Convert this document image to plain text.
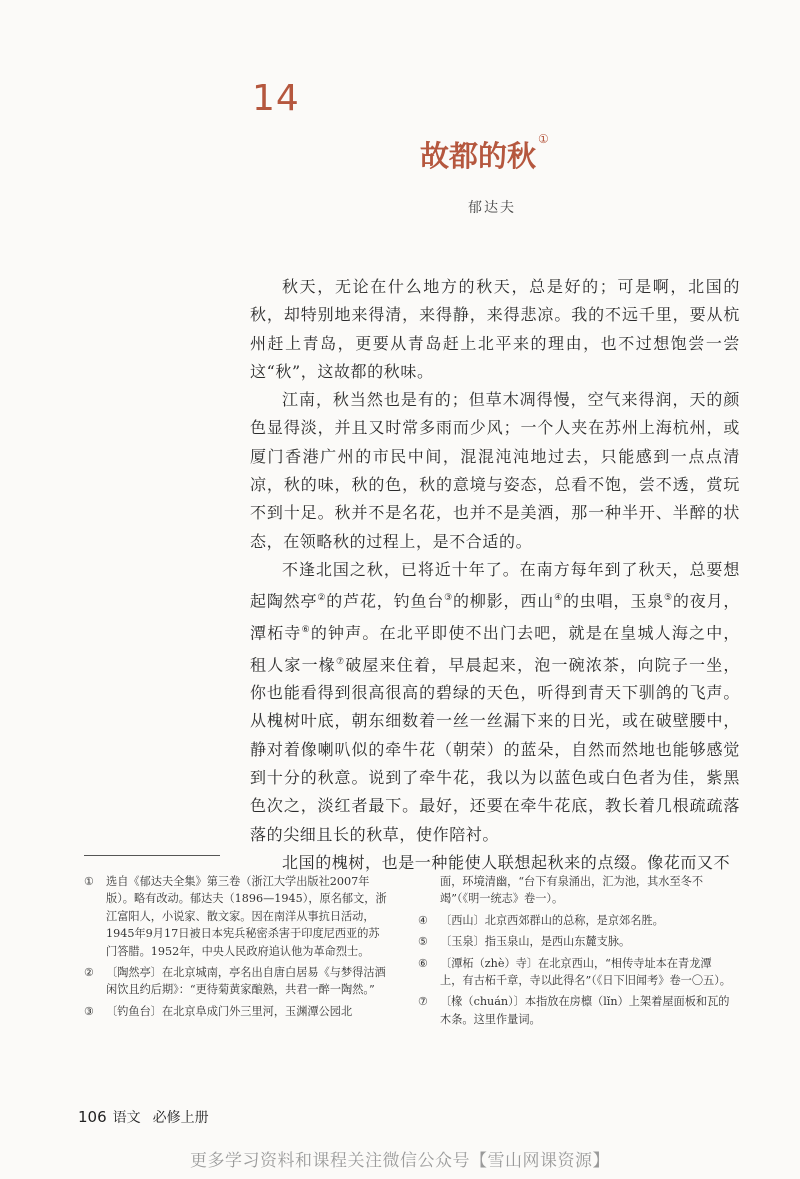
14
故都的秋 ①
郁达夫

秋天，无论在什么地方的秋天，总是好的；可是啊，北国的秋，却特别地来得清，来得静，来得悲凉。我的不远千里，要从杭州赶上青岛，更要从青岛赶上北平来的理由，也不过想饱尝一尝这“秋”，这故都的秋味。

江南，秋当然也是有的；但草木凋得慢，空气来得润，天的颜色显得淡，并且又时常多雨而少风；一个人夹在苏州上海杭州，或厦门香港广州的市民中间，混混沌沌地过去，只能感到一点点清凉，秋的味，秋的色，秋的意境与姿态，总看不饱，尝不透，赏玩不到十足。秋并不是名花，也并不是美酒，那一种半开、半醉的状态，在领略秋的过程上，是不合适的。

不逢北国之秋，已将近十年了。在南方每年到了秋天，总要想起陶然亭②的芦花，钓鱼台③的柳影，西山④的虫唱，玉泉⑤的夜月，潭柘寺⑥的钟声。在北平即使不出门去吧，就是在皇城人海之中，租人家一椽⑦破屋来住着，早晨起来，泡一碗浓茶，向院子一坐，你也能看得到很高很高的碧绿的天色，听得到青天下驯鸽的飞声。从槐树叶底，朝东细数着一丝一丝漏下来的日光，或在破壁腰中，静对着像喇叭似的牵牛花（朝荣）的蓝朵，自然而然地也能够感觉到十分的秋意。说到了牵牛花，我以为以蓝色或白色者为佳，紫黑色次之，淡红者最下。最好，还要在牵牛花底，教长着几根疏疏落落的尖细且长的秋草，使作陪衬。

北国的槐树，也是一种能使人联想起秋来的点缀。像花而又不

① 选自《郁达夫全集》第三卷（浙江大学出版社2007年版）。略有改动。郁达夫（1896—1945），原名郁文，浙江富阳人，小说家、散文家。因在南洋从事抗日活动，1945年9月17日被日本宪兵秘密杀害于印度尼西亚的苏门答腊。1952年，中央人民政府追认他为革命烈士。
② 〔陶然亭〕在北京城南，亭名出自唐白居易《与梦得沽酒闲饮且约后期》：“更待菊黄家酿熟，共君一醉一陶然。”
③ 〔钓鱼台〕在北京阜成门外三里河，玉渊潭公园北
面，环境清幽，“台下有泉涌出，汇为池，其水至冬不竭”（《明一统志》卷一）。
④ 〔西山〕北京西郊群山的总称，是京郊名胜。
⑤ 〔玉泉〕指玉泉山，是西山东麓支脉。
⑥ 〔潭柘（zhè）寺〕在北京西山，“相传寺址本在青龙潭上，有古柘千章，寺以此得名”（《日下旧闻考》卷一〇五）。
⑦ 〔椽（chuán）〕本指放在房檩（lǐn）上架着屋面板和瓦的木条。这里作量词。
106 语文 必修上册
更多学习资料和课程关注微信公众号【雪山网课资源】
